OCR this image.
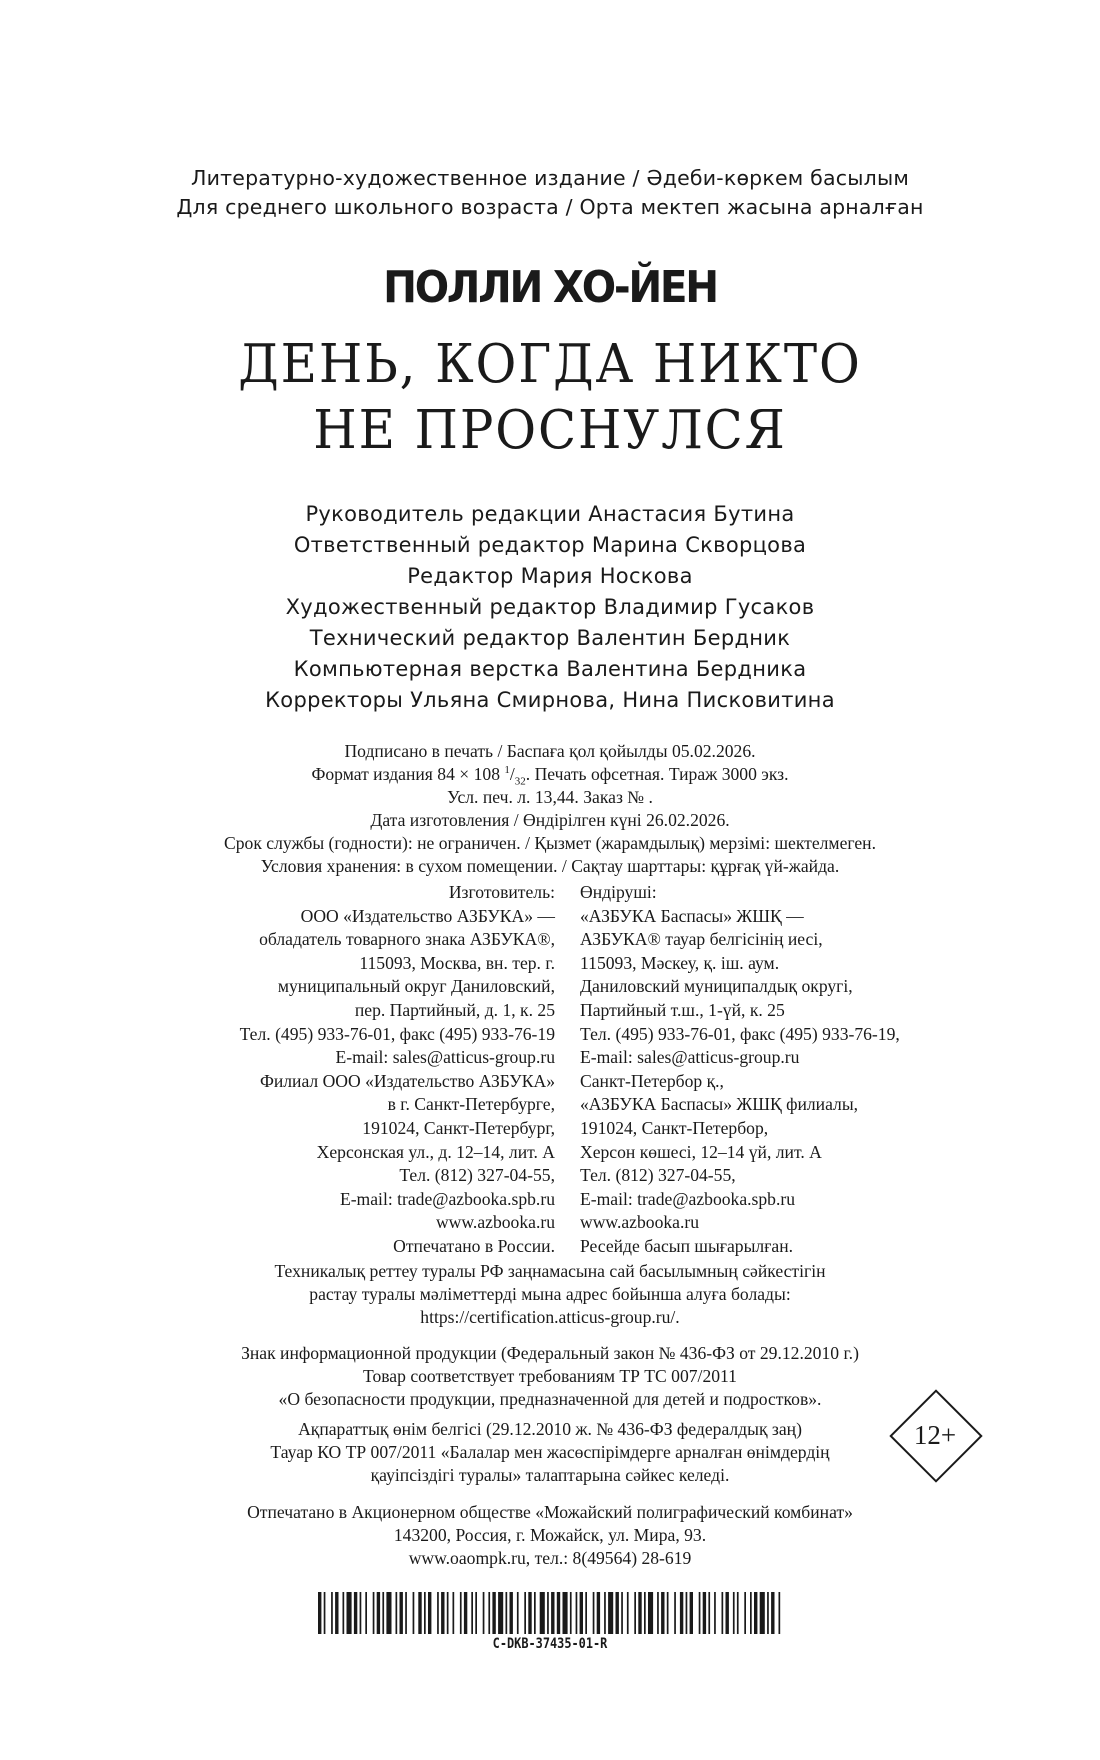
Литературно-художественное издание / Әдеби-көркем басылым
Для среднего школьного возраста / Орта мектеп жасына арналған
ПОЛЛИ ХО-ЙЕН
ДЕНЬ, КОГДА НИКТО
НЕ ПРОСНУЛСЯ
Руководитель редакции Анастасия Бутина
Ответственный редактор Марина Скворцова
Редактор Мария Носкова
Художественный редактор Владимир Гусаков
Технический редактор Валентин Бердник
Компьютерная верстка Валентина Бердника
Корректоры Ульяна Смирнова, Нина Писковитина
Подписано в печать / Баспаға қол қойылды 05.02.2026.
Формат издания 84 × 108 $^1/_{32}$. Печать офсетная. Тираж 3000 экз.
Усл. печ. л. 13,44. Заказ № .
Дата изготовления / Өндірілген күні 26.02.2026.
Срок службы (годности): не ограничен. / Қызмет (жарамдылық) мерзімі: шектелмеген.
Условия хранения: в сухом помещении. / Сақтау шарттары: құрғақ үй-жайда.
Изготовитель:
ООО «Издательство АЗБУКА» —
обладатель товарного знака АЗБУКА®,
115093, Москва, вн. тер. г.
муниципальный округ Даниловский,
пер. Партийный, д. 1, к. 25
Тел. (495) 933-76-01, факс (495) 933-76-19
E-mail: sales@atticus-group.ru
Филиал ООО «Издательство АЗБУКА»
в г. Санкт-Петербурге,
191024, Санкт-Петербург,
Херсонская ул., д. 12–14, лит. А
Тел. (812) 327-04-55,
E-mail: trade@azbooka.spb.ru
www.azbooka.ru
Отпечатано в России.
Өндіруші:
«АЗБУКА Баспасы» ЖШҚ —
АЗБУКА® тауар белгісінің иесі,
115093, Мәскеу, қ. іш. аум.
Даниловский муниципалдық округі,
Партийный т.ш., 1-үй, к. 25
Тел. (495) 933-76-01, факс (495) 933-76-19,
E-mail: sales@atticus-group.ru
Санкт-Петербор қ.,
«АЗБУКА Баспасы» ЖШҚ филиалы,
191024, Санкт-Петербор,
Херсон көшесі, 12–14 үй, лит. А
Тел. (812) 327-04-55,
E-mail: trade@azbooka.spb.ru
www.azbooka.ru
Ресейде басып шығарылған.
Техникалық реттеу туралы РФ заңнамасына сай басылымның сәйкестігін
растау туралы мәліметтерді мына адрес бойынша алуға болады:
https://certification.atticus-group.ru/.
Знак информационной продукции (Федеральный закон № 436-ФЗ от 29.12.2010 г.)
Товар соответствует требованиям ТР ТС 007/2011
«О безопасности продукции, предназначенной для детей и подростков».
Ақпараттық өнім белгісі (29.12.2010 ж. № 436-ФЗ федералдық заң)
Тауар КО ТР 007/2011 «Балалар мен жасөспірімдерге арналған өнімдердің
қауіпсіздігі туралы» талаптарына сәйкес келеді.
12+
Отпечатано в Акционерном обществе «Можайский полиграфический комбинат»
143200, Россия, г. Можайск, ул. Мира, 93.
www.oaompk.ru, тел.: 8(49564) 28-619
C-DKB-37435-01-R
